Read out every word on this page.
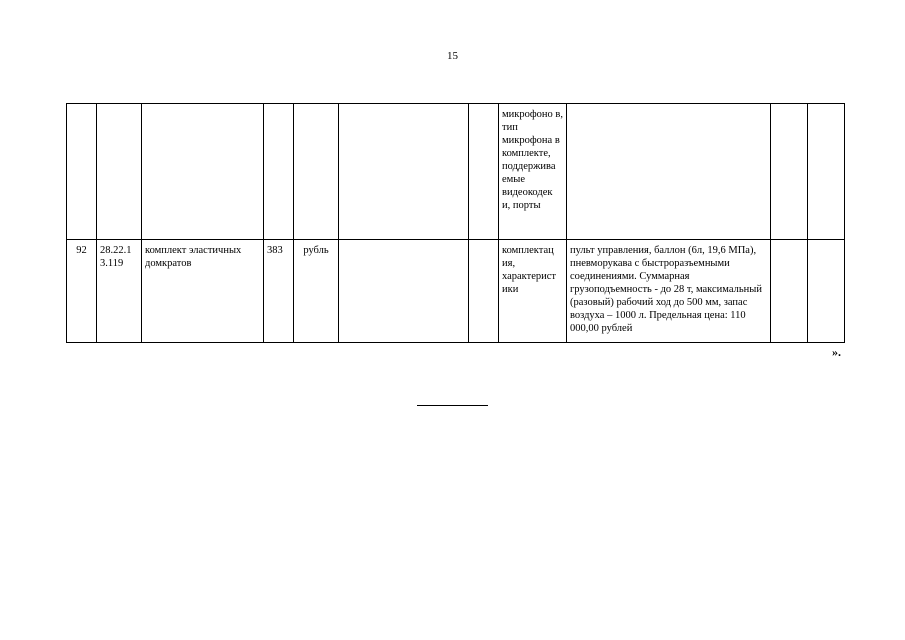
15
							микрофоно в, тип микрофона в комплекте, поддержива емые видеокодек и, порты			
92	28.22.1 3.119	комплект эластичных домкратов	383	рубль			комплектац ия, характерист ики	пульт управления, баллон (6л, 19,6 МПа), пневморукава с быстроразъемными соединениями. Суммарная грузоподъемность - до 28 т, максимальный (разовый) рабочий ход до 500 мм, запас воздуха – 1000 л. Предельная цена: 110 000,00 рублей		
».
